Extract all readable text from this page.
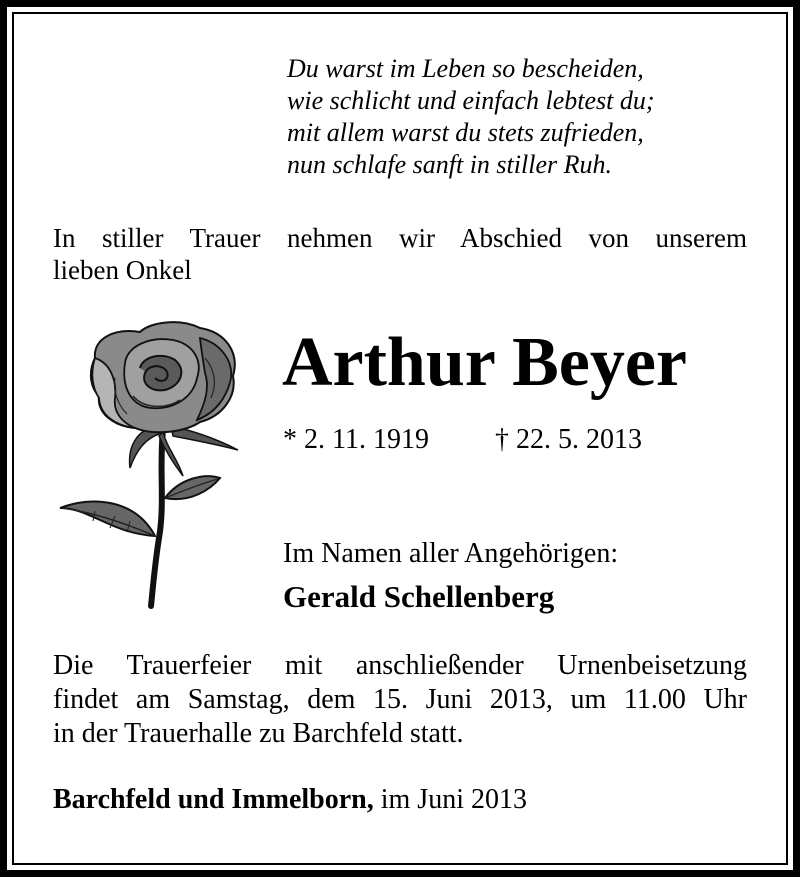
Du warst im Leben so bescheiden,
wie schlicht und einfach lebtest du;
mit allem warst du stets zufrieden,
nun schlafe sanft in stiller Ruh.
In stiller Trauer nehmen wir Abschied von unserem
lieben Onkel
Arthur Beyer
* 2. 11. 1919 † 22. 5. 2013
Im Namen aller Angehörigen:
Gerald Schellenberg
Die Trauerfeier mit anschließender Urnenbeisetzung
findet am Samstag, dem 15. Juni 2013, um 11.00 Uhr
in der Trauerhalle zu Barchfeld statt.
Barchfeld und Immelborn, im Juni 2013
